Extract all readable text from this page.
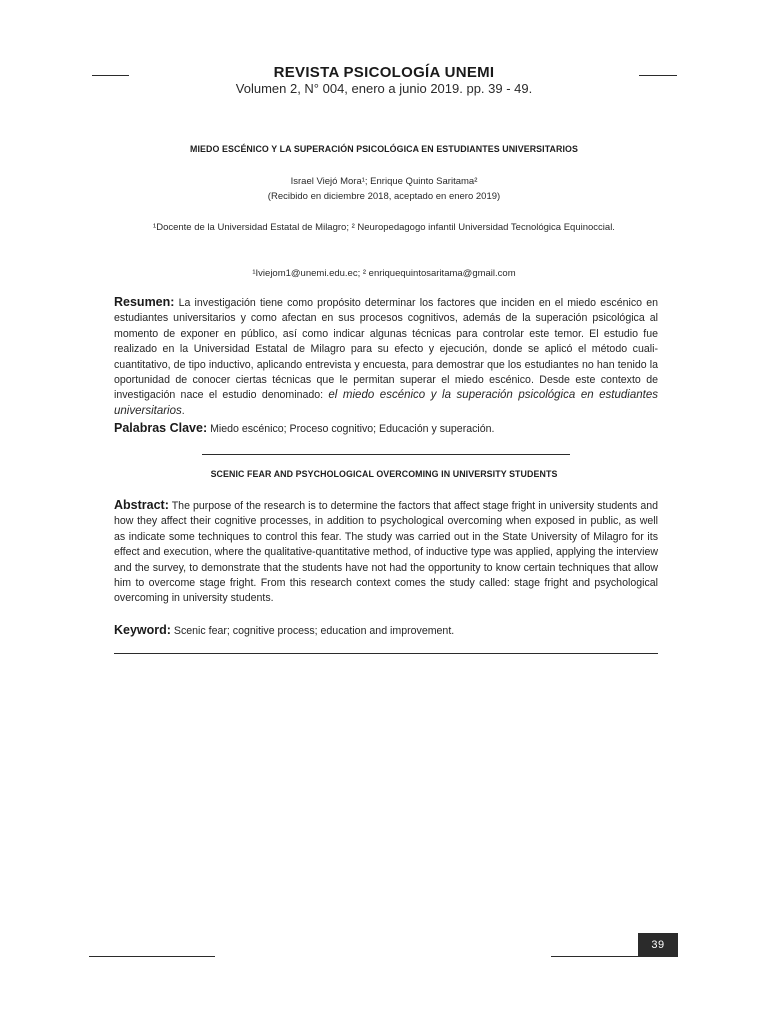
REVISTA PSICOLOGÍA UNEMI
Volumen 2, N° 004, enero a junio 2019. pp. 39 - 49.
MIEDO ESCÉNICO Y LA SUPERACIÓN PSICOLÓGICA EN ESTUDIANTES UNIVERSITARIOS
Israel Viejó Mora¹; Enrique Quinto Saritama²
(Recibido en diciembre 2018, aceptado en enero 2019)
¹Docente de la Universidad Estatal de Milagro; ² Neuropedagogo infantil Universidad Tecnológica Equinoccial.
¹Iviejom1@unemi.edu.ec; ² enriquequintosaritama@gmail.com
Resumen: La investigación tiene como propósito determinar los factores que inciden en el miedo escénico en estudiantes universitarios y como afectan en sus procesos cognitivos, además de la superación psicológica al momento de exponer en público, así como indicar algunas técnicas para controlar este temor. El estudio fue realizado en la Universidad Estatal de Milagro para su efecto y ejecución, donde se aplicó el método cuali-cuantitativo, de tipo inductivo, aplicando entrevista y encuesta, para demostrar que los estudiantes no han tenido la oportunidad de conocer ciertas técnicas que le permitan superar el miedo escénico. Desde este contexto de investigación nace el estudio denominado: el miedo escénico y la superación psicológica en estudiantes universitarios.
Palabras Clave: Miedo escénico; Proceso cognitivo; Educación y superación.
SCENIC FEAR AND PSYCHOLOGICAL OVERCOMING IN UNIVERSITY STUDENTS
Abstract: The purpose of the research is to determine the factors that affect stage fright in university students and how they affect their cognitive processes, in addition to psychological overcoming when exposed in public, as well as indicate some techniques to control this fear. The study was carried out in the State University of Milagro for its effect and execution, where the qualitative-quantitative method, of inductive type was applied, applying the interview and the survey, to demonstrate that the students have not had the opportunity to know certain techniques that allow him to overcome stage fright. From this research context comes the study called: stage fright and psychological overcoming in university students.
Keyword: Scenic fear; cognitive process; education and improvement.
39
